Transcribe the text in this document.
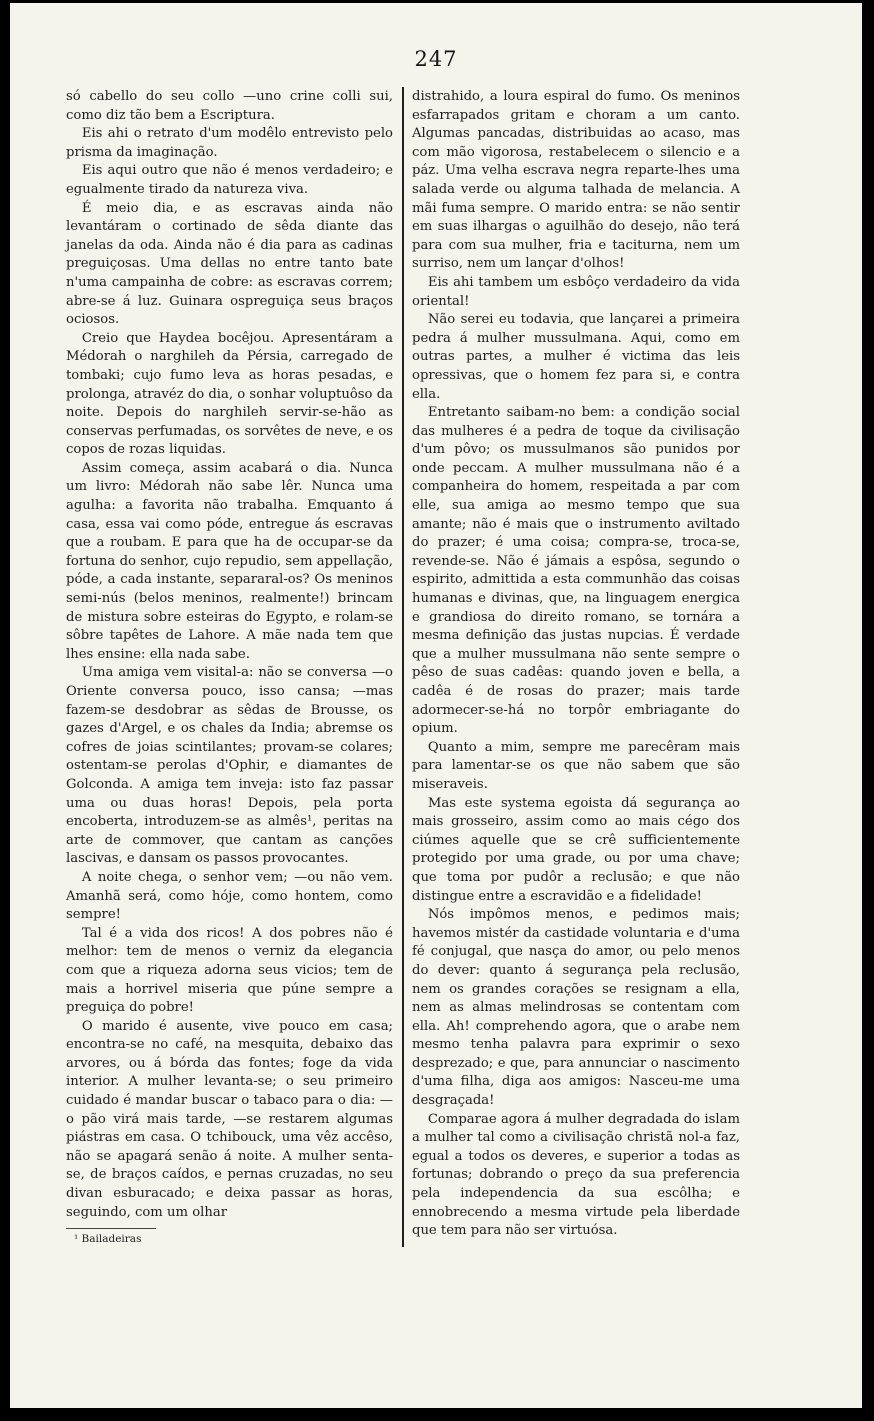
247

só cabello do seu collo —uno crine colli sui, como diz tão bem a Escriptura.

Eis ahi o retrato d'um modêlo entrevisto pelo prisma da imaginação.

Eis aqui outro que não é menos verdadeiro; e egualmente tirado da natureza viva.

É meio dia, e as escravas ainda não levantáram o cortinado de sêda diante das janelas da oda. Ainda não é dia para as cadinas preguiçosas. Uma dellas no entre tanto bate n'uma campainha de cobre: as escravas correm; abre-se á luz. Guinara ospreguiça seus braços ociosos.

Creio que Haydea bocêjou. Apresentáram a Médorah o narghileh da Pérsia, carregado de tombaki; cujo fumo leva as horas pesadas, e prolonga, atravéz do dia, o sonhar voluptuôso da noite. Depois do narghileh servir-se-hão as conservas perfumadas, os sorvêtes de neve, e os copos de rozas liquidas.

Assim começa, assim acabará o dia. Nunca um livro: Médorah não sabe lêr. Nunca uma agulha: a favorita não trabalha. Emquanto á casa, essa vai como póde, entregue ás escravas que a roubam. E para que ha de occupar-se da fortuna do senhor, cujo repudio, sem appellação, póde, a cada instante, separaral-os? Os meninos semi-nús (belos meninos, realmente!) brincam de mistura sobre esteiras do Egypto, e rolam-se sôbre tapêtes de Lahore. A mãe nada tem que lhes ensine: ella nada sabe.

Uma amiga vem visital-a: não se conversa —o Oriente conversa pouco, isso cansa; —mas fazem-se desdobrar as sêdas de Brousse, os gazes d'Argel, e os chales da India; abremse os cofres de joias scintilantes; provam-se colares; ostentam-se perolas d'Ophir, e diamantes de Golconda. A amiga tem inveja: isto faz passar uma ou duas horas! Depois, pela porta encoberta, introduzem-se as almês¹, peritas na arte de commover, que cantam as canções lascivas, e dansam os passos provocantes.

A noite chega, o senhor vem; —ou não vem. Amanhã será, como hóje, como hontem, como sempre!

Tal é a vida dos ricos! A dos pobres não é melhor: tem de menos o verniz da elegancia com que a riqueza adorna seus vicios; tem de mais a horrivel miseria que púne sempre a preguiça do pobre!

O marido é ausente, vive pouco em casa; encontra-se no café, na mesquita, debaixo das arvores, ou á bórda das fontes; foge da vida interior. A mulher levanta-se; o seu primeiro cuidado é mandar buscar o tabaco para o dia: —o pão virá mais tarde, —se restarem algumas piástras em casa. O tchibouck, uma vêz accêso, não se apagará senão á noite. A mulher senta-se, de braços caídos, e pernas cruzadas, no seu divan esburacado; e deixa passar as horas, seguindo, com um olhar

¹ Bailadeiras

distrahido, a loura espiral do fumo. Os meninos esfarrapados gritam e choram a um canto. Algumas pancadas, distribuidas ao acaso, mas com mão vigorosa, restabelecem o silencio e a páz. Uma velha escrava negra reparte-lhes uma salada verde ou alguma talhada de melancia. A mãi fuma sempre. O marido entra: se não sentir em suas ilhargas o aguilhão do desejo, não terá para com sua mulher, fria e taciturna, nem um surriso, nem um lançar d'olhos!

Eis ahi tambem um esbôço verdadeiro da vida oriental!

Não serei eu todavia, que lançarei a primeira pedra á mulher mussulmana. Aqui, como em outras partes, a mulher é victima das leis opressivas, que o homem fez para si, e contra ella.

Entretanto saibam-no bem: a condição social das mulheres é a pedra de toque da civilisação d'um pôvo; os mussulmanos são punidos por onde peccam. A mulher mussulmana não é a companheira do homem, respeitada a par com elle, sua amiga ao mesmo tempo que sua amante; não é mais que o instrumento aviltado do prazer; é uma coisa; compra-se, troca-se, revende-se. Não é jámais a espôsa, segundo o espirito, admittida a esta communhão das coisas humanas e divinas, que, na linguagem energica e grandiosa do direito romano, se tornára a mesma definição das justas nupcias. É verdade que a mulher mussulmana não sente sempre o pêso de suas cadêas: quando joven e bella, a cadêa é de rosas do prazer; mais tarde adormecer-se-há no torpôr embriagante do opium.

Quanto a mim, sempre me parecêram mais para lamentar-se os que não sabem que são miseraveis.

Mas este systema egoista dá segurança ao mais grosseiro, assim como ao mais cégo dos ciúmes aquelle que se crê sufficientemente protegido por uma grade, ou por uma chave; que toma por pudôr a reclusão; e que não distingue entre a escravidão e a fidelidade!

Nós impômos menos, e pedimos mais; havemos mistér da castidade voluntaria e d'uma fé conjugal, que nasça do amor, ou pelo menos do dever: quanto á segurança pela reclusão, nem os grandes corações se resignam a ella, nem as almas melindrosas se contentam com ella. Ah! comprehendo agora, que o arabe nem mesmo tenha palavra para exprimir o sexo desprezado; e que, para annunciar o nascimento d'uma filha, diga aos amigos: Nasceu-me uma desgraçada!

Comparae agora á mulher degradada do islam a mulher tal como a civilisação christã nol-a faz, egual a todos os deveres, e superior a todas as fortunas; dobrando o preço da sua preferencia pela independencia da sua escôlha; e ennobrecendo a mesma virtude pela liberdade que tem para não ser virtuósa.
